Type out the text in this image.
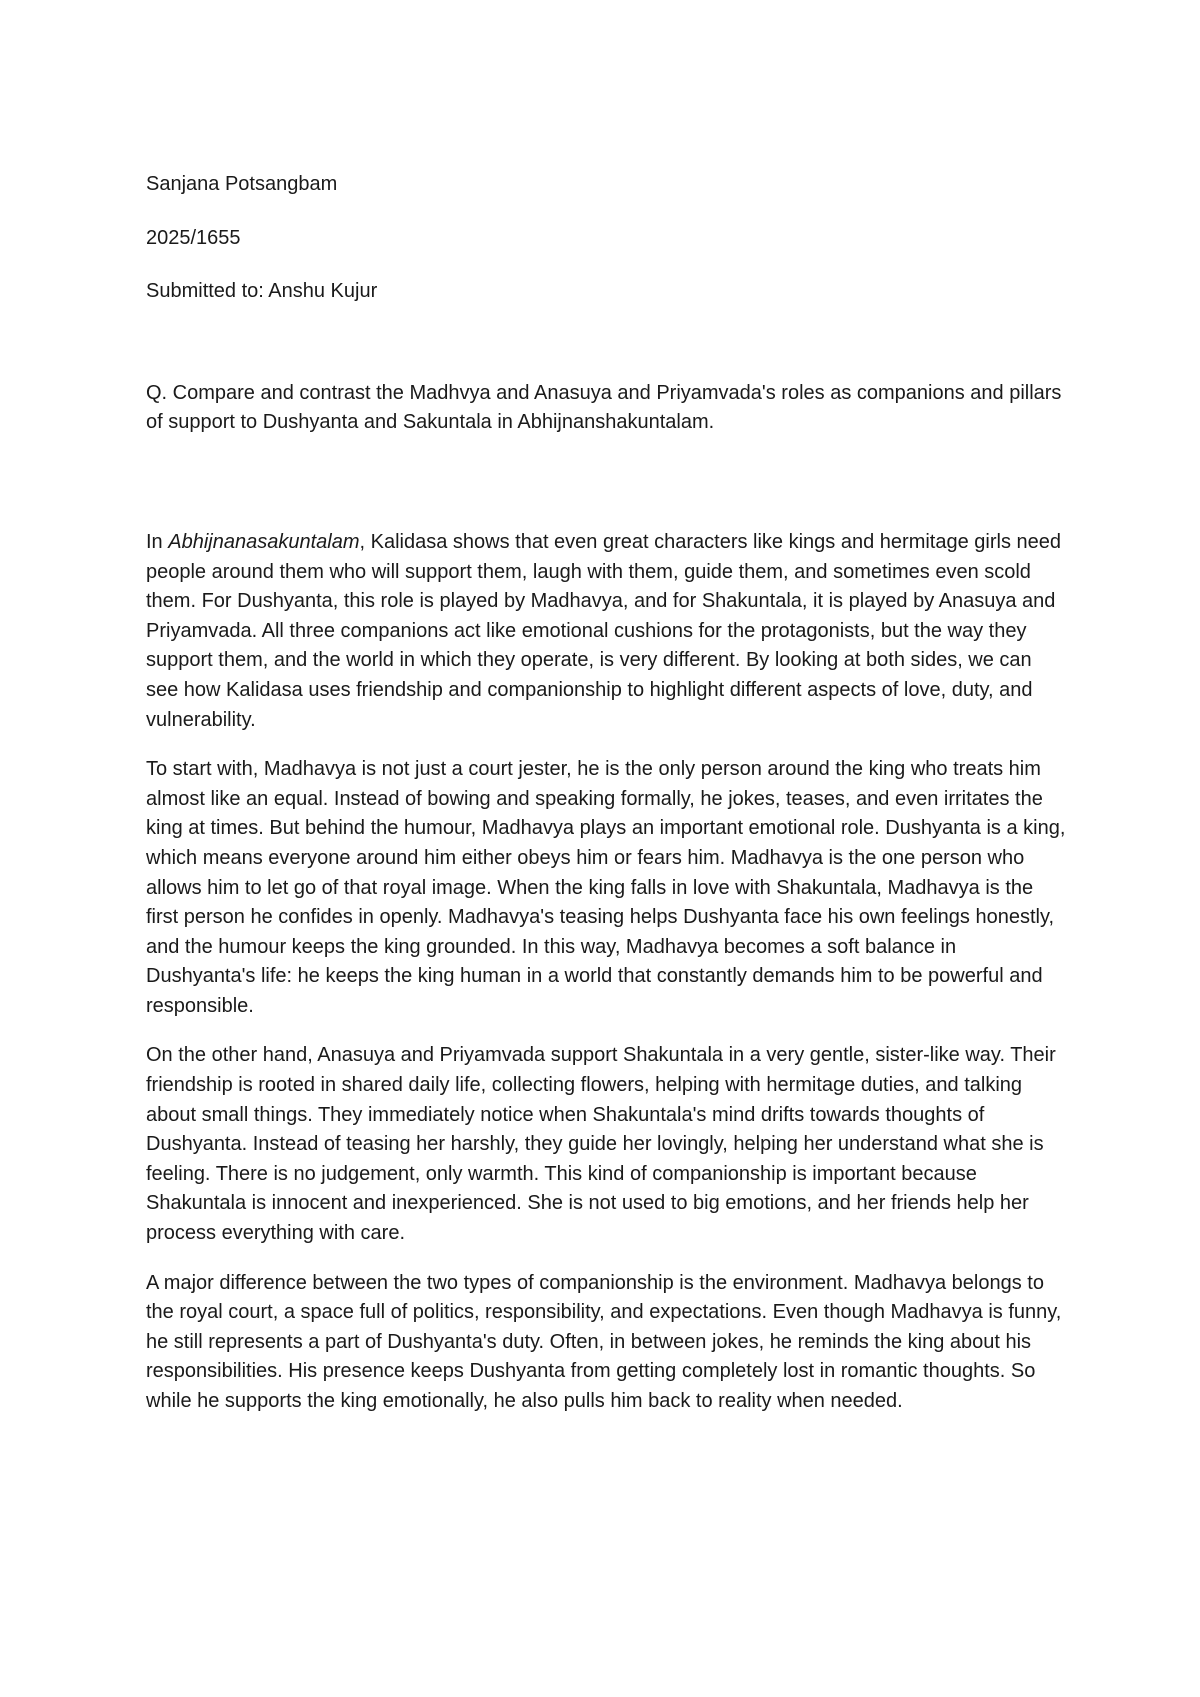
Sanjana Potsangbam
2025/1655
Submitted to: Anshu Kujur

Q. Compare and contrast the Madhvya and Anasuya and Priyamvada's roles as companions and pillars of support to Dushyanta and Sakuntala in Abhijnanshakuntalam.

In Abhijnanasakuntalam, Kalidasa shows that even great characters like kings and hermitage girls need people around them who will support them, laugh with them, guide them, and sometimes even scold them. For Dushyanta, this role is played by Madhavya, and for Shakuntala, it is played by Anasuya and Priyamvada. All three companions act like emotional cushions for the protagonists, but the way they support them, and the world in which they operate, is very different. By looking at both sides, we can see how Kalidasa uses friendship and companionship to highlight different aspects of love, duty, and vulnerability.

To start with, Madhavya is not just a court jester, he is the only person around the king who treats him almost like an equal. Instead of bowing and speaking formally, he jokes, teases, and even irritates the king at times. But behind the humour, Madhavya plays an important emotional role. Dushyanta is a king, which means everyone around him either obeys him or fears him. Madhavya is the one person who allows him to let go of that royal image. When the king falls in love with Shakuntala, Madhavya is the first person he confides in openly. Madhavya's teasing helps Dushyanta face his own feelings honestly, and the humour keeps the king grounded. In this way, Madhavya becomes a soft balance in Dushyanta's life: he keeps the king human in a world that constantly demands him to be powerful and responsible.

On the other hand, Anasuya and Priyamvada support Shakuntala in a very gentle, sister-like way. Their friendship is rooted in shared daily life, collecting flowers, helping with hermitage duties, and talking about small things. They immediately notice when Shakuntala's mind drifts towards thoughts of Dushyanta. Instead of teasing her harshly, they guide her lovingly, helping her understand what she is feeling. There is no judgement, only warmth. This kind of companionship is important because Shakuntala is innocent and inexperienced. She is not used to big emotions, and her friends help her process everything with care.

A major difference between the two types of companionship is the environment. Madhavya belongs to the royal court, a space full of politics, responsibility, and expectations. Even though Madhavya is funny, he still represents a part of Dushyanta's duty. Often, in between jokes, he reminds the king about his responsibilities. His presence keeps Dushyanta from getting completely lost in romantic thoughts. So while he supports the king emotionally, he also pulls him back to reality when needed.
